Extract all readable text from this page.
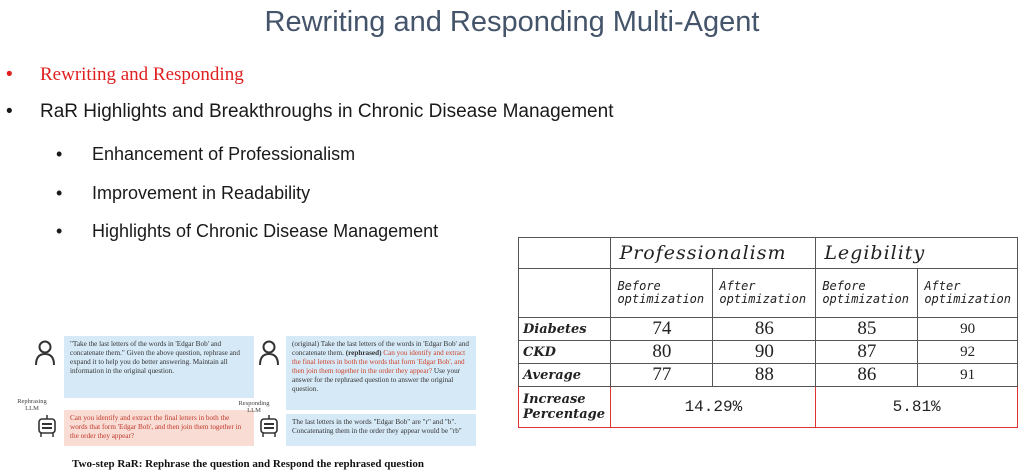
Rewriting and Responding Multi-Agent
• Rewriting and Responding
• RaR Highlights and Breakthroughs in Chronic Disease Management
• Enhancement of Professionalism
• Improvement in Readability
• Highlights of Chronic Disease Management
"Take the last letters of the words in 'Edgar Bob' and concatenate them." Given the above question, rephrase and expand it to help you do better answering. Maintain all information in the original question.
Rephrasing LLM
Can you identify and extract the final letters in both the words that form 'Edgar Bob', and then join them together in the order they appear?
(original) Take the last letters of the words in 'Edgar Bob' and concatenate them. (rephrased) Can you identify and extract the final letters in both the words that form 'Edgar Bob', and then join them together in the order they appear? Use your answer for the rephrased question to answer the original question.
Responding LLM
The last letters in the words "Edgar Bob" are "r" and "b". Concatenating them in the order they appear would be "rb"
Two-step RaR: Rephrase the question and Respond the rephrased question
	Professionalism		Legibility	
	Before optimization	After optimization	Before optimization	After optimization
Diabetes	74	86	85	90
CKD	80	90	87	92
Average	77	88	86	91
Increase Percentage	14.29%		5.81%	
